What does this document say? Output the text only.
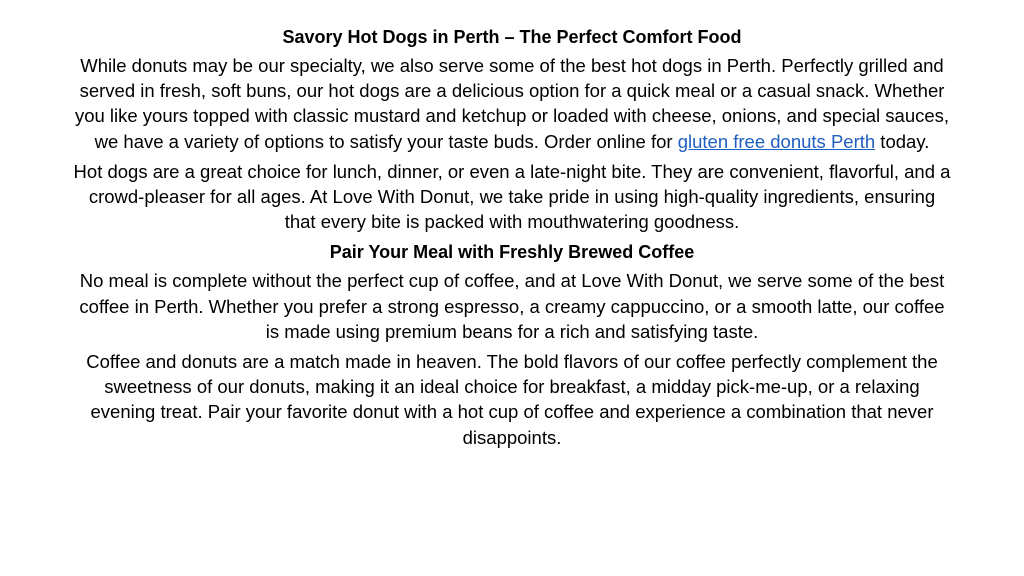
Savory Hot Dogs in Perth – The Perfect Comfort Food

While donuts may be our specialty, we also serve some of the best hot dogs in Perth. Perfectly grilled and served in fresh, soft buns, our hot dogs are a delicious option for a quick meal or a casual snack. Whether you like yours topped with classic mustard and ketchup or loaded with cheese, onions, and special sauces, we have a variety of options to satisfy your taste buds. Order online for gluten free donuts Perth today.

Hot dogs are a great choice for lunch, dinner, or even a late-night bite. They are convenient, flavorful, and a crowd-pleaser for all ages. At Love With Donut, we take pride in using high-quality ingredients, ensuring that every bite is packed with mouthwatering goodness.

Pair Your Meal with Freshly Brewed Coffee

No meal is complete without the perfect cup of coffee, and at Love With Donut, we serve some of the best coffee in Perth. Whether you prefer a strong espresso, a creamy cappuccino, or a smooth latte, our coffee is made using premium beans for a rich and satisfying taste.

Coffee and donuts are a match made in heaven. The bold flavors of our coffee perfectly complement the sweetness of our donuts, making it an ideal choice for breakfast, a midday pick-me-up, or a relaxing evening treat. Pair your favorite donut with a hot cup of coffee and experience a combination that never disappoints.
